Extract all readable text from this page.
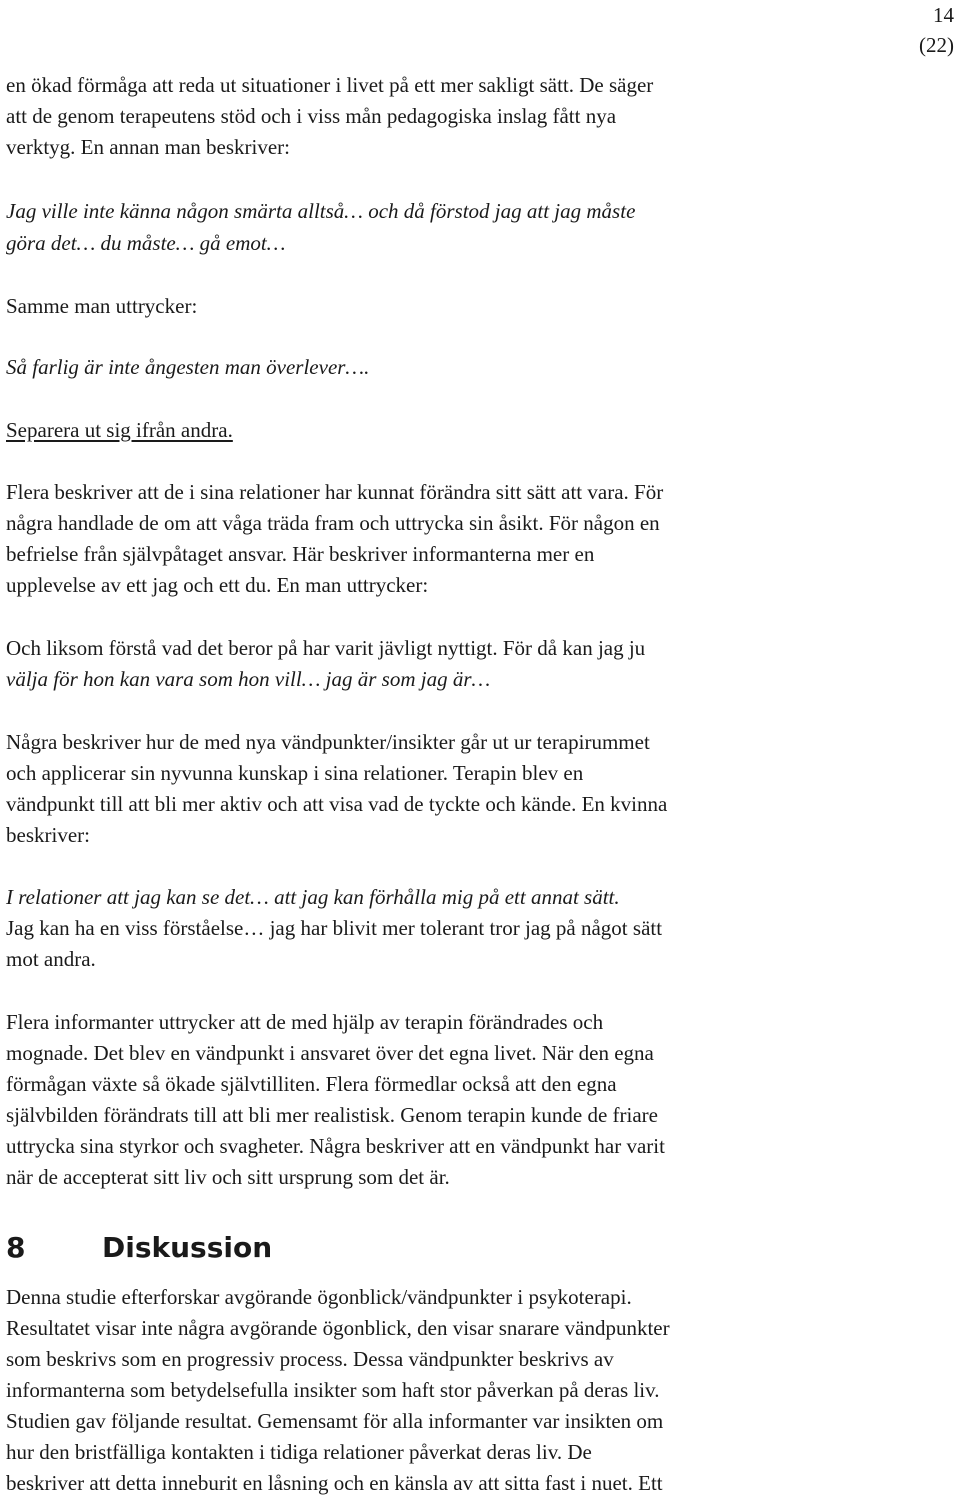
14
(22)
en ökad förmåga att reda ut situationer i livet på ett mer sakligt sätt. De säger
att de genom terapeutens stöd och i viss mån pedagogiska inslag fått nya
verktyg. En annan man beskriver:
Jag ville inte känna någon smärta alltså… och då förstod jag att jag måste
göra det… du måste… gå emot…
Samme man uttrycker:
Så farlig är inte ångesten man överlever….
Separera ut sig ifrån andra.
Flera beskriver att de i sina relationer har kunnat förändra sitt sätt att vara. För
några handlade de om att våga träda fram och uttrycka sin åsikt. För någon en
befrielse från självpåtaget ansvar. Här beskriver informanterna mer en
upplevelse av ett jag och ett du. En man uttrycker:
Och liksom förstå vad det beror på har varit jävligt nyttigt. För då kan jag ju
välja för hon kan vara som hon vill… jag är som jag är…
Några beskriver hur de med nya vändpunkter/insikter går ut ur terapirummet
och applicerar sin nyvunna kunskap i sina relationer. Terapin blev en
vändpunkt till att bli mer aktiv och att visa vad de tyckte och kände. En kvinna
beskriver:
I relationer att jag kan se det… att jag kan förhålla mig på ett annat sätt.
Jag kan ha en viss förståelse… jag har blivit mer tolerant tror jag på något sätt
mot andra.
Flera informanter uttrycker att de med hjälp av terapin förändrades och
mognade. Det blev en vändpunkt i ansvaret över det egna livet. När den egna
förmågan växte så ökade självtilliten. Flera förmedlar också att den egna
självbilden förändrats till att bli mer realistisk. Genom terapin kunde de friare
uttrycka sina styrkor och svagheter. Några beskriver att en vändpunkt har varit
när de accepterat sitt liv och sitt ursprung som det är.
8	Diskussion
Denna studie efterforskar avgörande ögonblick/vändpunkter i psykoterapi.
Resultatet visar inte några avgörande ögonblick, den visar snarare vändpunkter
som beskrivs som en progressiv process. Dessa vändpunkter beskrivs av
informanterna som betydelsefulla insikter som haft stor påverkan på deras liv.
Studien gav följande resultat. Gemensamt för alla informanter var insikten om
hur den bristfälliga kontakten i tidiga relationer påverkat deras liv. De
beskriver att detta inneburit en låsning och en känsla av att sitta fast i nuet. Ett
